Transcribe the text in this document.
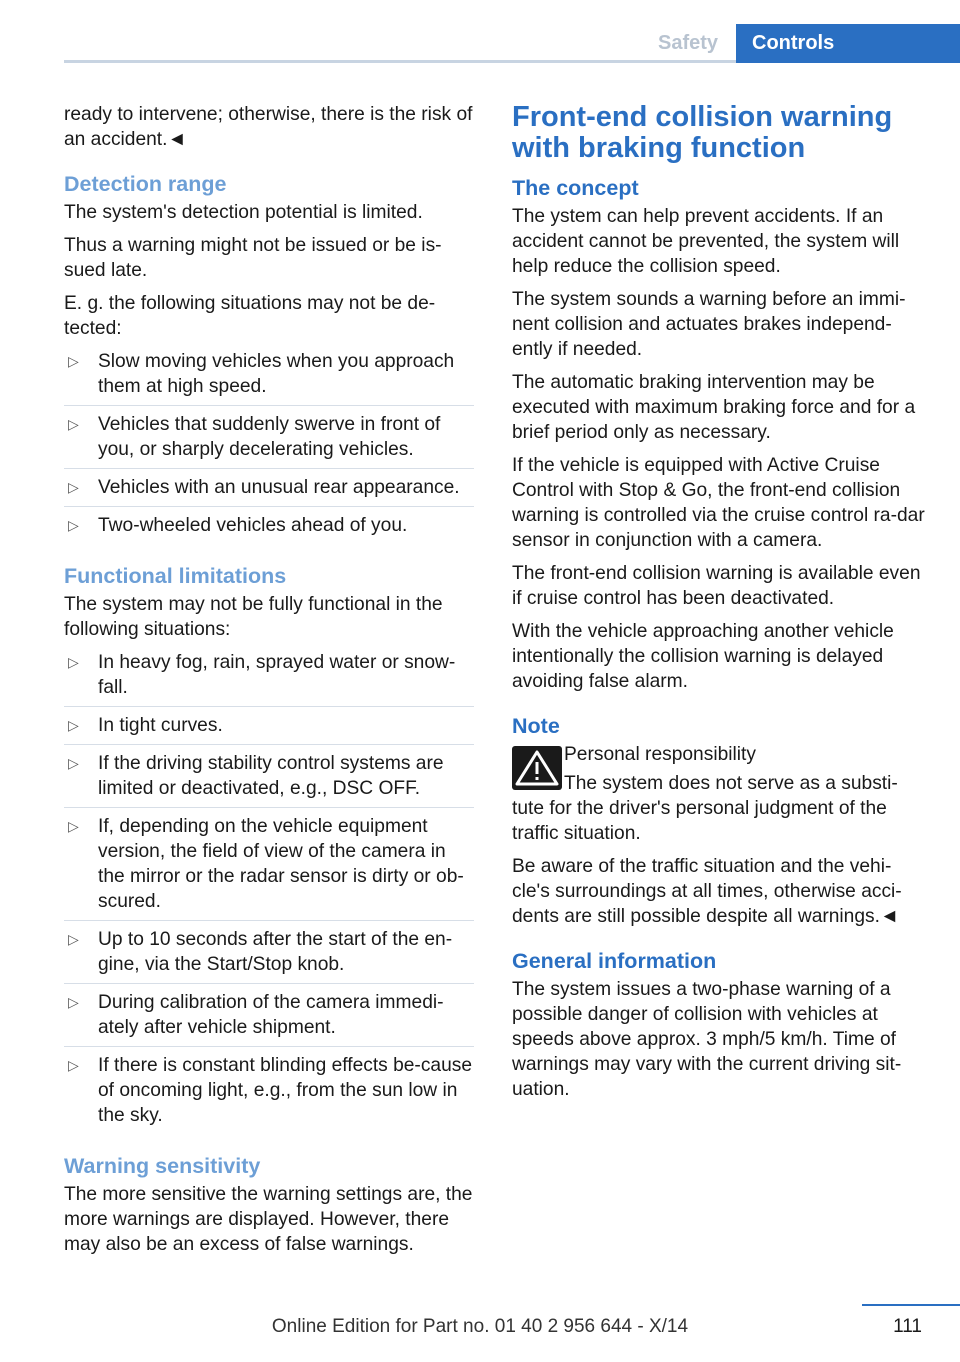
Safety	Controls

ready to intervene; otherwise, there is the risk of an accident.◄

Detection range

The system's detection potential is limited.

Thus a warning might not be issued or be is-sued late.

E. g. the following situations may not be de-tected:

▷ Slow moving vehicles when you approach them at high speed.
▷ Vehicles that suddenly swerve in front of you, or sharply decelerating vehicles.
▷ Vehicles with an unusual rear appearance.
▷ Two-wheeled vehicles ahead of you.
Functional limitations

The system may not be fully functional in the following situations:

▷ In heavy fog, rain, sprayed water or snow-fall.
▷ In tight curves.
▷ If the driving stability control systems are limited or deactivated, e.g., DSC OFF.
▷ If, depending on the vehicle equipment version, the field of view of the camera in the mirror or the radar sensor is dirty or ob-scured.
▷ Up to 10 seconds after the start of the en-gine, via the Start/Stop knob.
▷ During calibration of the camera immedi-ately after vehicle shipment.
▷ If there is constant blinding effects be-cause of oncoming light, e.g., from the sun low in the sky.
Warning sensitivity

The more sensitive the warning settings are, the more warnings are displayed. However, there may also be an excess of false warnings.

Front-end collision warning with braking function
The concept

The ystem can help prevent accidents. If an accident cannot be prevented, the system will help reduce the collision speed.

The system sounds a warning before an immi-nent collision and actuates brakes independ-ently if needed.

The automatic braking intervention may be executed with maximum braking force and for a brief period only as necessary.

If the vehicle is equipped with Active Cruise Control with Stop & Go, the front-end collision warning is controlled via the cruise control ra-dar sensor in conjunction with a camera.

The front-end collision warning is available even if cruise control has been deactivated.

With the vehicle approaching another vehicle intentionally the collision warning is delayed avoiding false alarm.

Note

Personal responsibility

The system does not serve as a substi-tute for the driver's personal judgment of the traffic situation.

Be aware of the traffic situation and the vehi-cle's surroundings at all times, otherwise acci-dents are still possible despite all warnings.◄

General information

The system issues a two-phase warning of a possible danger of collision with vehicles at speeds above approx. 3 mph/5 km/h. Time of warnings may vary with the current driving sit-uation.

Online Edition for Part no. 01 40 2 956 644 - X/14	111
